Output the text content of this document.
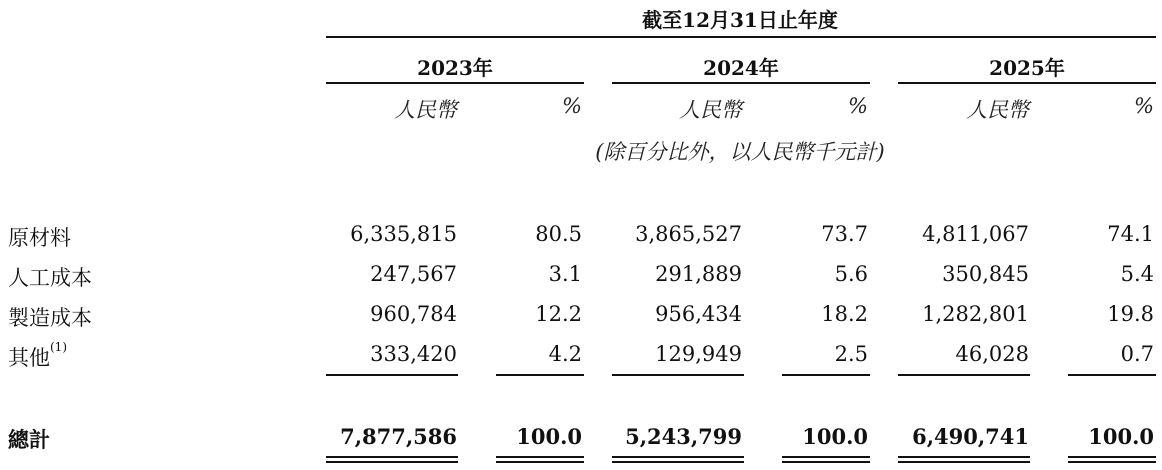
截至12月31日止年度
2023年	2024年	2025年
人民幣	%	人民幣	%	人民幣	%
(除百分比外，以人民幣千元計)
原材料	6,335,815	80.5	3,865,527	73.7	4,811,067	74.1
人工成本	247,567	3.1	291,889	5.6	350,845	5.4
製造成本	960,784	12.2	956,434	18.2	1,282,801	19.8
其他$^{(1)}$	333,420	4.2	129,949	2.5	46,028	0.7
總計	7,877,586	100.0 5,243,799	100.0 6,490,741	100.0
